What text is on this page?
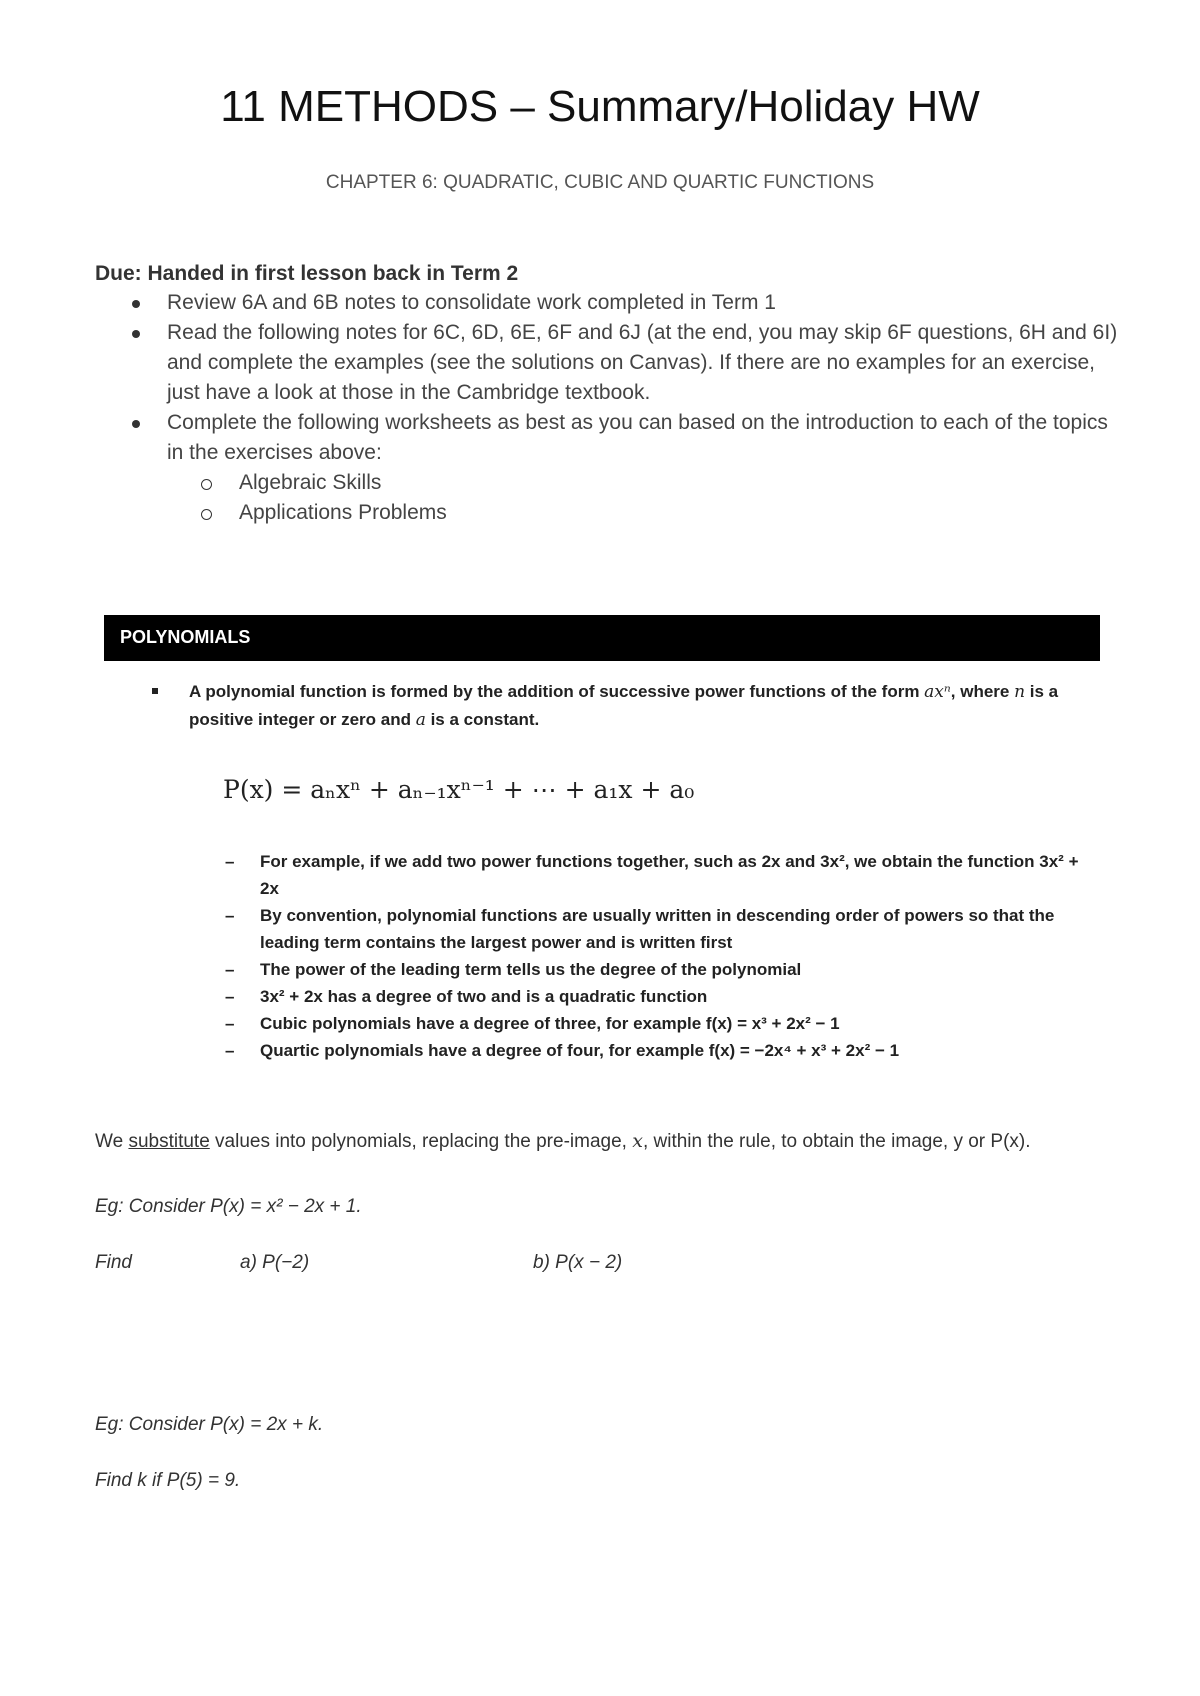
11 METHODS – Summary/Holiday HW
CHAPTER 6: QUADRATIC, CUBIC AND QUARTIC FUNCTIONS
Due: Handed in first lesson back in Term 2
Review 6A and 6B notes to consolidate work completed in Term 1
Read the following notes for 6C, 6D, 6E, 6F and 6J (at the end, you may skip 6F questions, 6H and 6I) and complete the examples (see the solutions on Canvas). If there are no examples for an exercise, just have a look at those in the Cambridge textbook.
Complete the following worksheets as best as you can based on the introduction to each of the topics in the exercises above:
Algebraic Skills
Applications Problems
POLYNOMIALS
A polynomial function is formed by the addition of successive power functions of the form axⁿ, where n is a positive integer or zero and a is a constant.
P(x) = aₙxⁿ + aₙ₋₁xⁿ⁻¹ + ⋯ + a₁x + a₀
– For example, if we add two power functions together, such as 2x and 3x², we obtain the function 3x² + 2x
– By convention, polynomial functions are usually written in descending order of powers so that the leading term contains the largest power and is written first
– The power of the leading term tells us the degree of the polynomial
– 3x² + 2x has a degree of two and is a quadratic function
– Cubic polynomials have a degree of three, for example f(x) = x³ + 2x² − 1
– Quartic polynomials have a degree of four, for example f(x) = −2x⁴ + x³ + 2x² − 1
We substitute values into polynomials, replacing the pre-image, x, within the rule, to obtain the image, y or P(x).
Eg: Consider P(x) = x² − 2x + 1.
Find	a) P(−2)	b) P(x − 2)
Eg: Consider P(x) = 2x + k.
Find k if P(5) = 9.
